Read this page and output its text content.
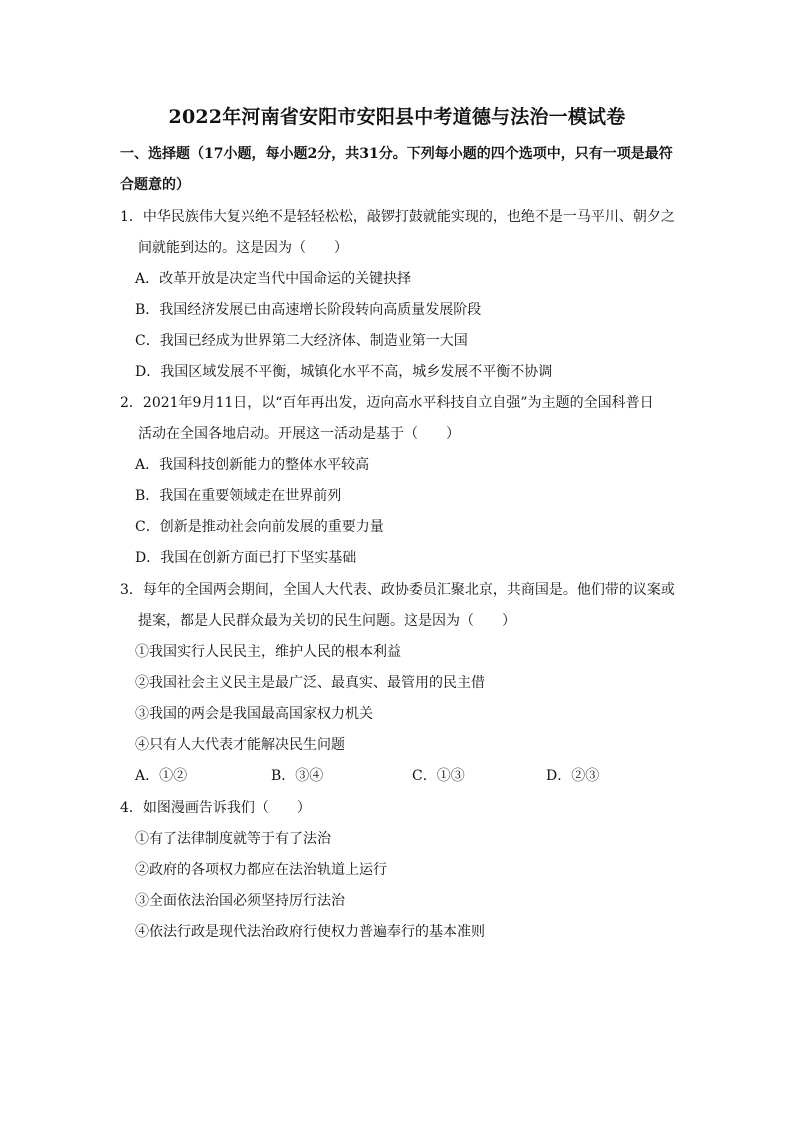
2022年河南省安阳市安阳县中考道德与法治一模试卷
一、选择题（17小题，每小题2分，共31分。下列每小题的四个选项中，只有一项是最符
合题意的）
1．中华民族伟大复兴绝不是轻轻松松，敲锣打鼓就能实现的，也绝不是一马平川、朝夕之
间就能到达的。这是因为（　　）
A．改革开放是决定当代中国命运的关键抉择
B．我国经济发展已由高速增长阶段转向高质量发展阶段
C．我国已经成为世界第二大经济体、制造业第一大国
D．我国区域发展不平衡，城镇化水平不高，城乡发展不平衡不协调
2．2021年9月11日，以“百年再出发，迈向高水平科技自立自强”为主题的全国科普日
活动在全国各地启动。开展这一活动是基于（　　）
A．我国科技创新能力的整体水平较高
B．我国在重要领域走在世界前列
C．创新是推动社会向前发展的重要力量
D．我国在创新方面已打下坚实基础
3．每年的全国两会期间，全国人大代表、政协委员汇聚北京，共商国是。他们带的议案或
提案，都是人民群众最为关切的民生问题。这是因为（　　）
①我国实行人民民主，维护人民的根本利益
②我国社会主义民主是最广泛、最真实、最管用的民主借
③我国的两会是我国最高国家权力机关
④只有人大代表才能解决民生问题
A．①②	B．③④	C．①③	D．②③
4．如图漫画告诉我们（　　）
①有了法律制度就等于有了法治
②政府的各项权力都应在法治轨道上运行
③全面依法治国必须坚持厉行法治
④依法行政是现代法治政府行使权力普遍奉行的基本准则
